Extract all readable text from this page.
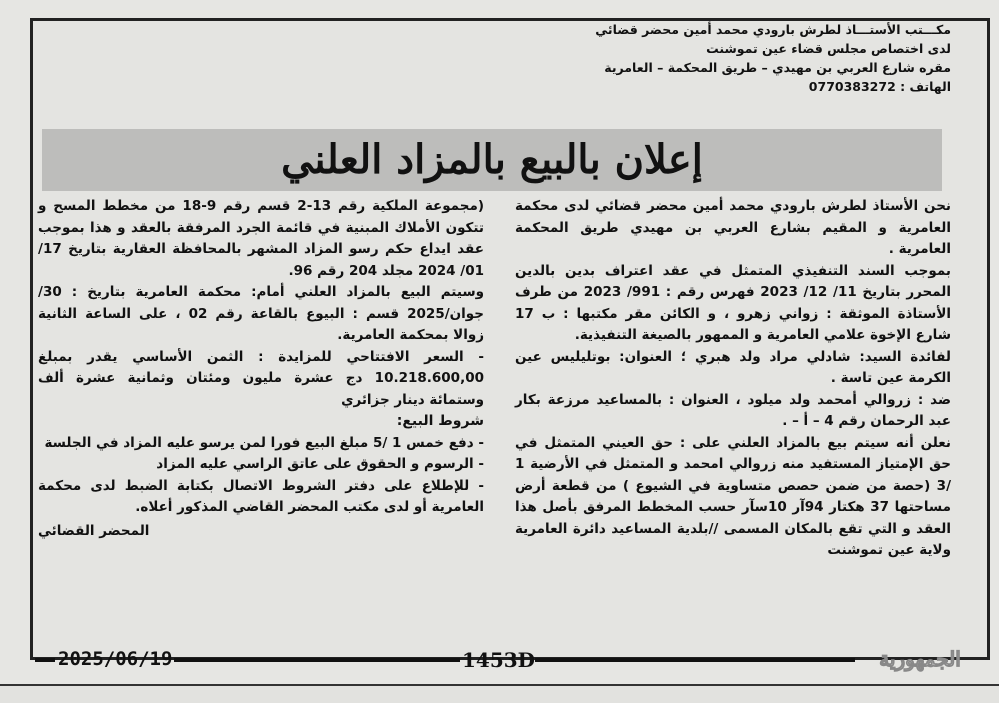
مكـــتب الأستـــاذ لطرش بارودي محمد أمين محضر قضائي
لدى اختصاص مجلس قضاء عين تموشنت
مقره شارع العربي بن مهيدي – طريق المحكمة – العامرية
الهاتف : 0770383272
إعلان بالبيع بالمزاد العلني

نحن الأستاذ لطرش بارودي محمد أمين محضر قضائي لدى محكمة العامرية و المقيم بشارع العربي بن مهيدي طريق المحكمة العامرية .

بموجب السند التنفيذي المتمثل في عقد اعتراف بدين بالدين المحرر بتاريخ 11/ 12/ 2023 فهرس رقم : 991/ 2023 من طرف الأستاذة الموثقة : زواني زهرو ، و الكائن مقر مكتبها : ب 17 شارع الإخوة علامي العامرية و الممهور بالصيغة التنفيذية.

لفائدة السيد: شادلي مراد ولد هبري ؛ العنوان: بوتليليس عين الكرمة عين تاسة .

ضد : زروالي أمحمد ولد ميلود ، العنوان : بالمساعيد مرزعة بكار عبد الرحمان رقم 4 – أ – .

نعلن أنه سيتم بيع بالمزاد العلني على : حق العيني المتمثل في حق الإمتياز المستفيد منه زروالي امحمد و المتمثل في الأرضية 1 /3 (حصة من ضمن حصص متساوية في الشيوع ) من قطعة أرض مساحتها 37 هكتار 94آر 10سآر حسب المخطط المرفق بأصل هذا العقد و التي تقع بالمكان المسمى //بلدية المساعيد دائرة العامرية ولاية عين تموشنت

(مجموعة الملكية رقم 13-2 قسم رقم 9-18 من مخطط المسح و تتكون الأملاك المبنية في قائمة الجرد المرفقة بالعقد و هذا بموجب عقد ايداع حكم رسو المزاد المشهر بالمحافظة العقارية بتاريخ 17/ 01/ 2024 مجلد 204 رقم 96.

وسيتم البيع بالمزاد العلني أمام: محكمة العامرية بتاريخ : 30/جوان/2025 قسم : البيوع بالقاعة رقم 02 ، على الساعة الثانية زوالا بمحكمة العامرية.

- السعر الافتتاحي للمزايدة : الثمن الأساسي يقدر بمبلغ 10.218.600,00 دج عشرة مليون ومئتان وثمانية عشرة ألف وستمائة دينار جزائري

شروط البيع:

- دفع خمس 1 /5 مبلغ البيع فورا لمن يرسو عليه المزاد في الجلسة

- الرسوم و الحقوق على عاتق الراسي عليه المزاد

- للإطلاع على دفتر الشروط الاتصال بكتابة الضبط لدى محكمة العامرية أو لدى مكتب المحضر القاضي المذكور أعلاه.

المحضر القضائي

2025/06/19	1453D	الجمهورية
